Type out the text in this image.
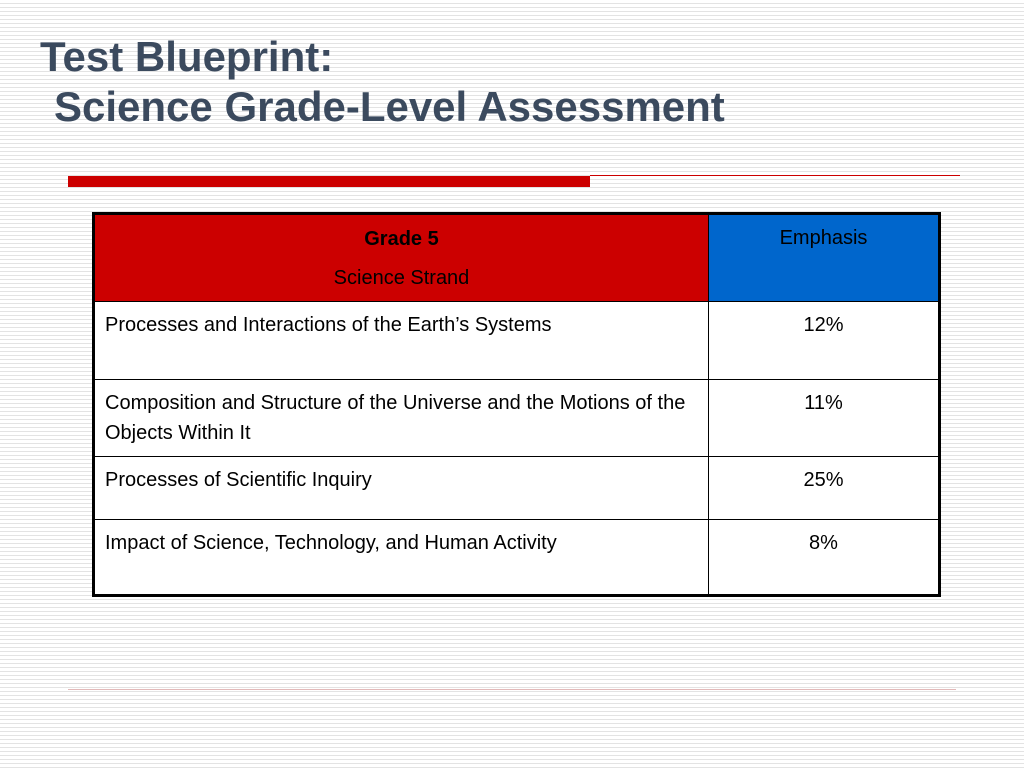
Test Blueprint:
Science Grade-Level Assessment
Grade 5
Science Strand	Emphasis
Processes and Interactions of the Earth’s Systems	12%
Composition and Structure of the Universe and the Motions of the Objects Within It	11%
Processes of Scientific Inquiry	25%
Impact of Science, Technology, and Human Activity	8%
